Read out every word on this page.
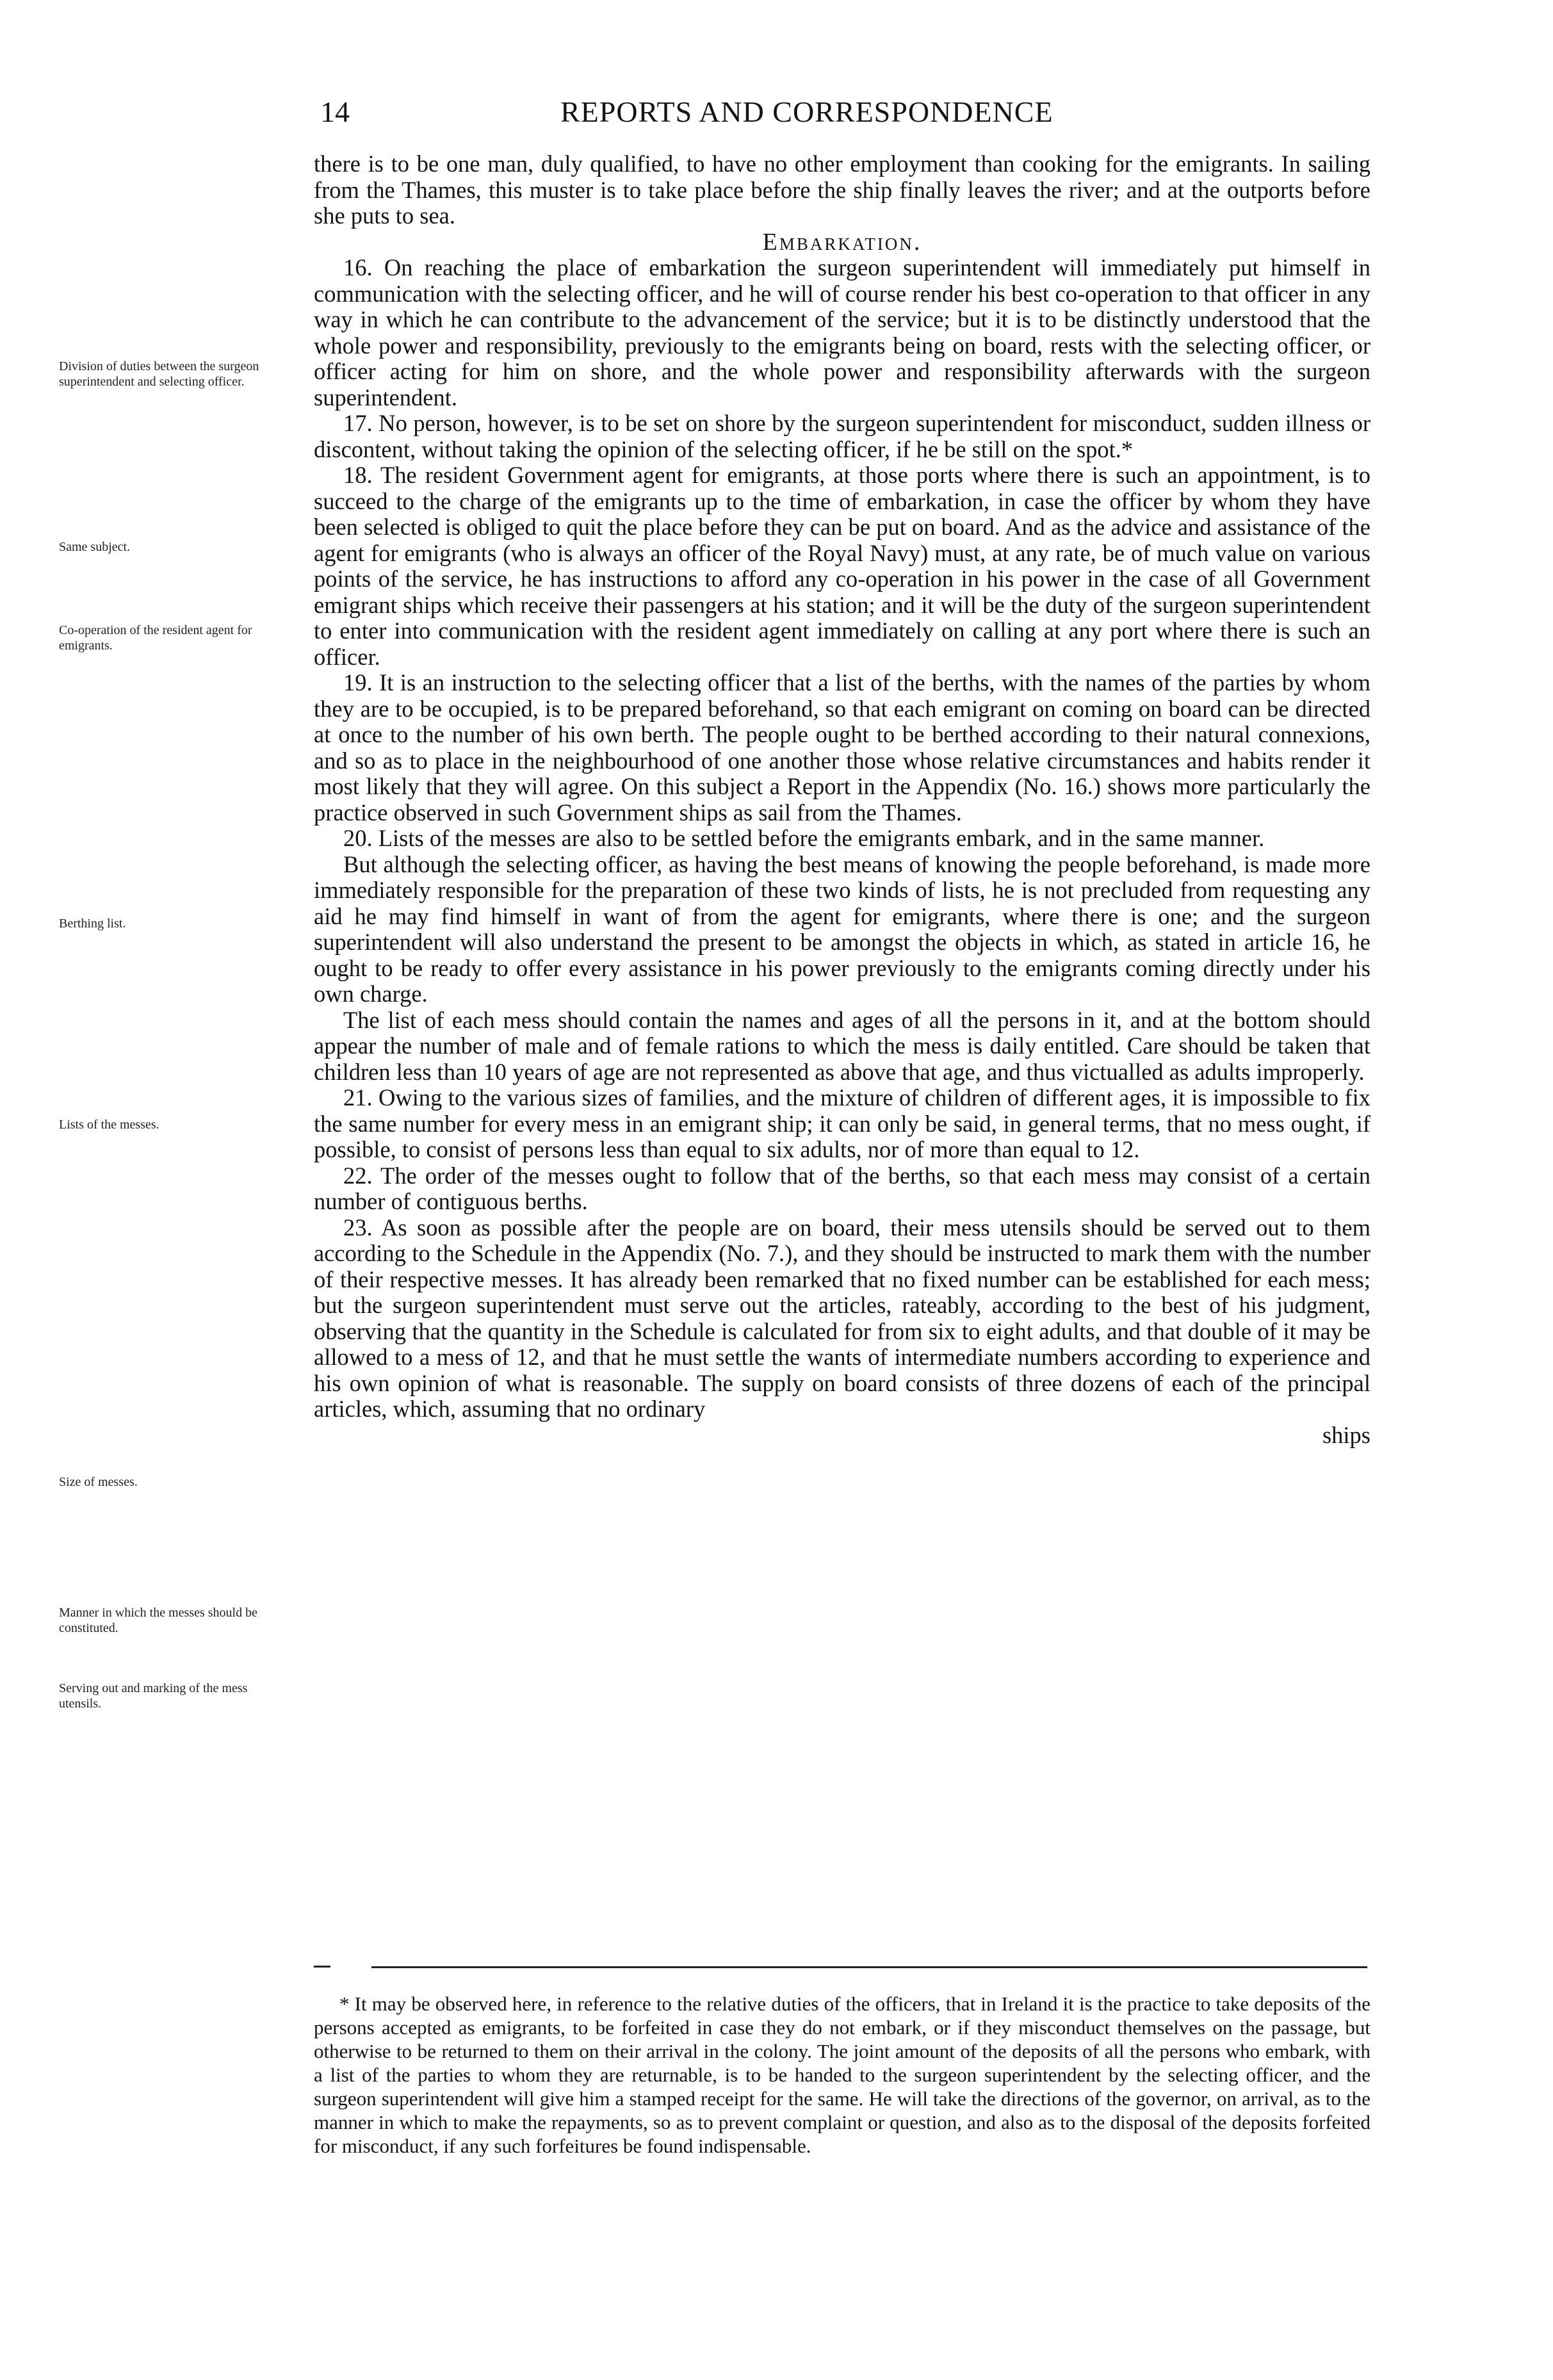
14	REPORTS AND CORRESPONDENCE

there is to be one man, duly qualified, to have no other employment than cooking for the emigrants. In sailing from the Thames, this muster is to take place before the ship finally leaves the river; and at the outports before she puts to sea.

Embarkation.

16. On reaching the place of embarkation the surgeon superintendent will immediately put himself in communication with the selecting officer, and he will of course render his best co-operation to that officer in any way in which he can contribute to the advancement of the service; but it is to be distinctly understood that the whole power and responsibility, previously to the emigrants being on board, rests with the selecting officer, or officer acting for him on shore, and the whole power and responsibility afterwards with the surgeon superintendent.

17. No person, however, is to be set on shore by the surgeon superintendent for misconduct, sudden illness or discontent, without taking the opinion of the selecting officer, if he be still on the spot.*

18. The resident Government agent for emigrants, at those ports where there is such an appointment, is to succeed to the charge of the emigrants up to the time of embarkation, in case the officer by whom they have been selected is obliged to quit the place before they can be put on board. And as the advice and assistance of the agent for emigrants (who is always an officer of the Royal Navy) must, at any rate, be of much value on various points of the service, he has instructions to afford any co-operation in his power in the case of all Government emigrant ships which receive their passengers at his station; and it will be the duty of the surgeon superintendent to enter into communication with the resident agent immediately on calling at any port where there is such an officer.

19. It is an instruction to the selecting officer that a list of the berths, with the names of the parties by whom they are to be occupied, is to be prepared beforehand, so that each emigrant on coming on board can be directed at once to the number of his own berth. The people ought to be berthed according to their natural connexions, and so as to place in the neighbourhood of one another those whose relative circumstances and habits render it most likely that they will agree. On this subject a Report in the Appendix (No. 16.) shows more particularly the practice observed in such Government ships as sail from the Thames.

20. Lists of the messes are also to be settled before the emigrants embark, and in the same manner.

But although the selecting officer, as having the best means of knowing the people beforehand, is made more immediately responsible for the preparation of these two kinds of lists, he is not precluded from requesting any aid he may find himself in want of from the agent for emigrants, where there is one; and the surgeon superintendent will also understand the present to be amongst the objects in which, as stated in article 16, he ought to be ready to offer every assistance in his power previously to the emigrants coming directly under his own charge.

The list of each mess should contain the names and ages of all the persons in it, and at the bottom should appear the number of male and of female rations to which the mess is daily entitled. Care should be taken that children less than 10 years of age are not represented as above that age, and thus victualled as adults improperly.

21. Owing to the various sizes of families, and the mixture of children of different ages, it is impossible to fix the same number for every mess in an emigrant ship; it can only be said, in general terms, that no mess ought, if possible, to consist of persons less than equal to six adults, nor of more than equal to 12.

22. The order of the messes ought to follow that of the berths, so that each mess may consist of a certain number of contiguous berths.

23. As soon as possible after the people are on board, their mess utensils should be served out to them according to the Schedule in the Appendix (No. 7.), and they should be instructed to mark them with the number of their respective messes. It has already been remarked that no fixed number can be established for each mess; but the surgeon superintendent must serve out the articles, rateably, according to the best of his judgment, observing that the quantity in the Schedule is calculated for from six to eight adults, and that double of it may be allowed to a mess of 12, and that he must settle the wants of intermediate numbers according to experience and his own opinion of what is reasonable. The supply on board consists of three dozens of each of the principal articles, which, assuming that no ordinary

ships

Division of duties between the surgeon superintendent and selecting officer.
Same subject.
Co-operation of the resident agent for emigrants.
Berthing list.
Lists of the messes.
Size of messes.
Manner in which the messes should be constituted.
Serving out and marking of the mess utensils.
* It may be observed here, in reference to the relative duties of the officers, that in Ireland it is the practice to take deposits of the persons accepted as emigrants, to be forfeited in case they do not embark, or if they misconduct themselves on the passage, but otherwise to be returned to them on their arrival in the colony. The joint amount of the deposits of all the persons who embark, with a list of the parties to whom they are returnable, is to be handed to the surgeon superintendent by the selecting officer, and the surgeon superintendent will give him a stamped receipt for the same. He will take the directions of the governor, on arrival, as to the manner in which to make the repayments, so as to prevent complaint or question, and also as to the disposal of the deposits forfeited for misconduct, if any such forfeitures be found indispensable.
